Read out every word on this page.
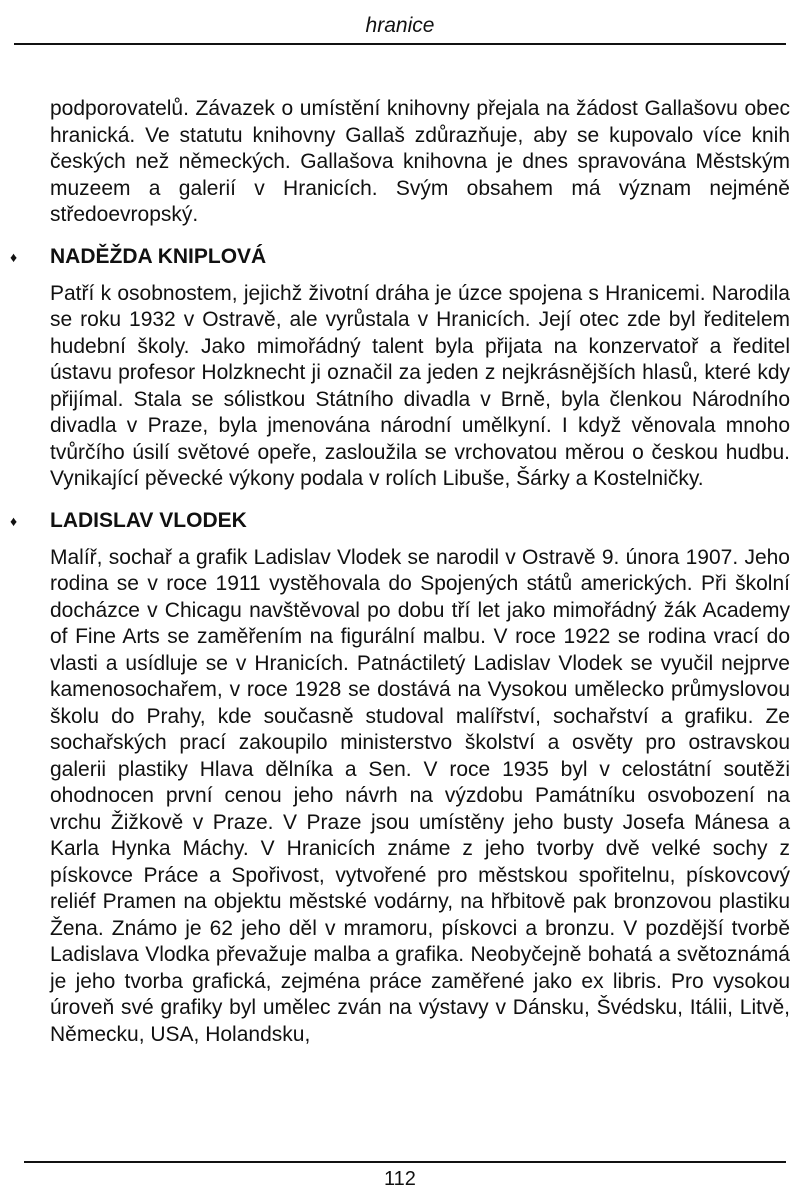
hranice

podporovatelů. Závazek o umístění knihovny přejala na žádost Gallašovu obec hranická. Ve statutu knihovny Gallaš zdůrazňuje, aby se kupovalo více knih českých než německých. Gallašova knihovna je dnes spravována Městským muzeem a galerií v Hranicích. Svým obsahem má význam nejméně středoevropský.

♦ NADĚŽDA KNIPLOVÁ

Patří k osobnostem, jejichž životní dráha je úzce spojena s Hranicemi. Narodila se roku 1932 v Ostravě, ale vyrůstala v Hranicích. Její otec zde byl ředitelem hudební školy. Jako mimořádný talent byla přijata na konzervatoř a ředitel ústavu profesor Holzknecht ji označil za jeden z nejkrásnějších hlasů, které kdy přijímal. Stala se sólistkou Státního divadla v Brně, byla členkou Národního divadla v Praze, byla jmenována národní umělkyní. I když věnovala mnoho tvůrčího úsilí světové opeře, zasloužila se vrchovatou měrou o českou hudbu. Vynikající pěvecké výkony podala v rolích Libuše, Šárky a Kostelničky.

♦ LADISLAV VLODEK

Malíř, sochař a grafik Ladislav Vlodek se narodil v Ostravě 9. února 1907. Jeho rodina se v roce 1911 vystěhovala do Spojených států amerických. Při školní docházce v Chicagu navštěvoval po dobu tří let jako mimořádný žák Academy of Fine Arts se zaměřením na figurální malbu. V roce 1922 se rodina vrací do vlasti a usídluje se v Hranicích. Patnáctiletý Ladislav Vlodek se vyučil nejprve kamenosochařem, v roce 1928 se dostává na Vysokou umělecko průmyslovou školu do Prahy, kde současně studoval malířství, sochařství a grafiku. Ze sochařských prací zakoupilo ministerstvo školství a osvěty pro ostravskou galerii plastiky Hlava dělníka a Sen. V roce 1935 byl v celostátní soutěži ohodnocen první cenou jeho návrh na výzdobu Památníku osvobození na vrchu Žižkově v Praze. V Praze jsou umístěny jeho busty Josefa Mánesa a Karla Hynka Máchy. V Hranicích známe z jeho tvorby dvě velké sochy z pískovce Práce a Spořivost, vytvořené pro městskou spořitelnu, pískovcový reliéf Pramen na objektu městské vodárny, na hřbitově pak bronzovou plastiku Žena. Známo je 62 jeho děl v mramoru, pískovci a bronzu. V pozdější tvorbě Ladislava Vlodka převažuje malba a grafika. Neobyčejně bohatá a světoznámá je jeho tvorba grafická, zejména práce zaměřené jako ex libris. Pro vysokou úroveň své grafiky byl umělec zván na výstavy v Dánsku, Švédsku, Itálii, Litvě, Německu, USA, Holandsku,

112
